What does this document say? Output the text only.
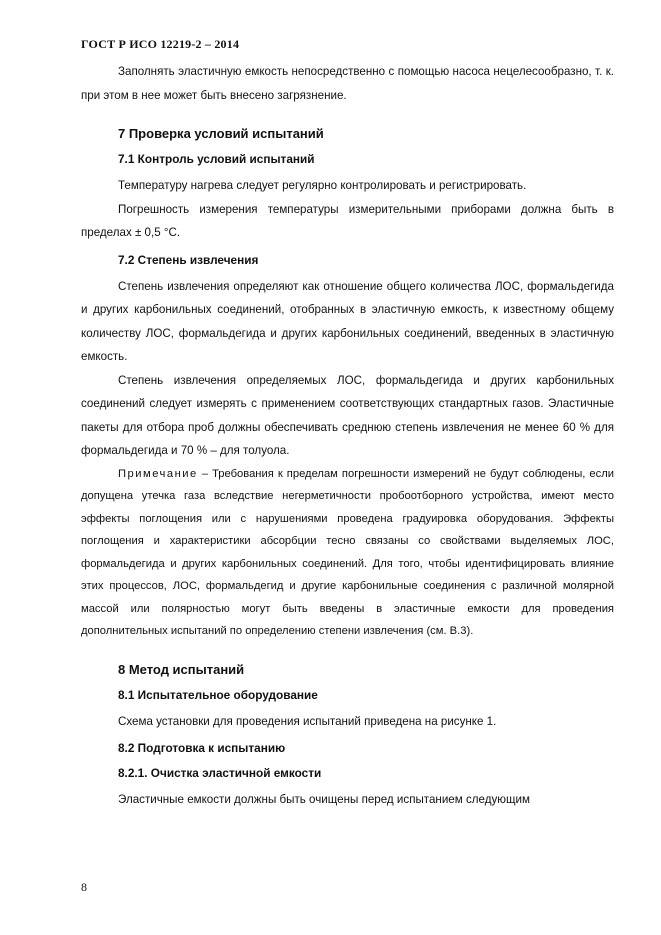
ГОСТ Р ИСО 12219-2 – 2014

Заполнять эластичную емкость непосредственно с помощью насоса нецелесообразно, т. к. при этом в нее может быть внесено загрязнение.

7 Проверка условий испытаний
7.1 Контроль условий испытаний

Температуру нагрева следует регулярно контролировать и регистрировать.

Погрешность измерения температуры измерительными приборами должна быть в пределах ± 0,5 °С.

7.2 Степень извлечения

Степень извлечения определяют как отношение общего количества ЛОС, формальдегида и других карбонильных соединений, отобранных в эластичную емкость, к известному общему количеству ЛОС, формальдегида и других карбонильных соединений, введенных в эластичную емкость.

Степень извлечения определяемых ЛОС, формальдегида и других карбонильных соединений следует измерять с применением соответствующих стандартных газов. Эластичные пакеты для отбора проб должны обеспечивать среднюю степень извлечения не менее 60 % для формальдегида и 70 % – для толуола.

Примечание – Требования к пределам погрешности измерений не будут соблюдены, если допущена утечка газа вследствие негерметичности пробоотборного устройства, имеют место эффекты поглощения или с нарушениями проведена градуировка оборудования. Эффекты поглощения и характеристики абсорбции тесно связаны со свойствами выделяемых ЛОС, формальдегида и других карбонильных соединений. Для того, чтобы идентифицировать влияние этих процессов, ЛОС, формальдегид и другие карбонильные соединения с различной молярной массой или полярностью могут быть введены в эластичные емкости для проведения дополнительных испытаний по определению степени извлечения (см. В.3).

8 Метод испытаний
8.1 Испытательное оборудование

Схема установки для проведения испытаний приведена на рисунке 1.

8.2 Подготовка к испытанию
8.2.1. Очистка эластичной емкости

Эластичные емкости должны быть очищены перед испытанием следующим

8
